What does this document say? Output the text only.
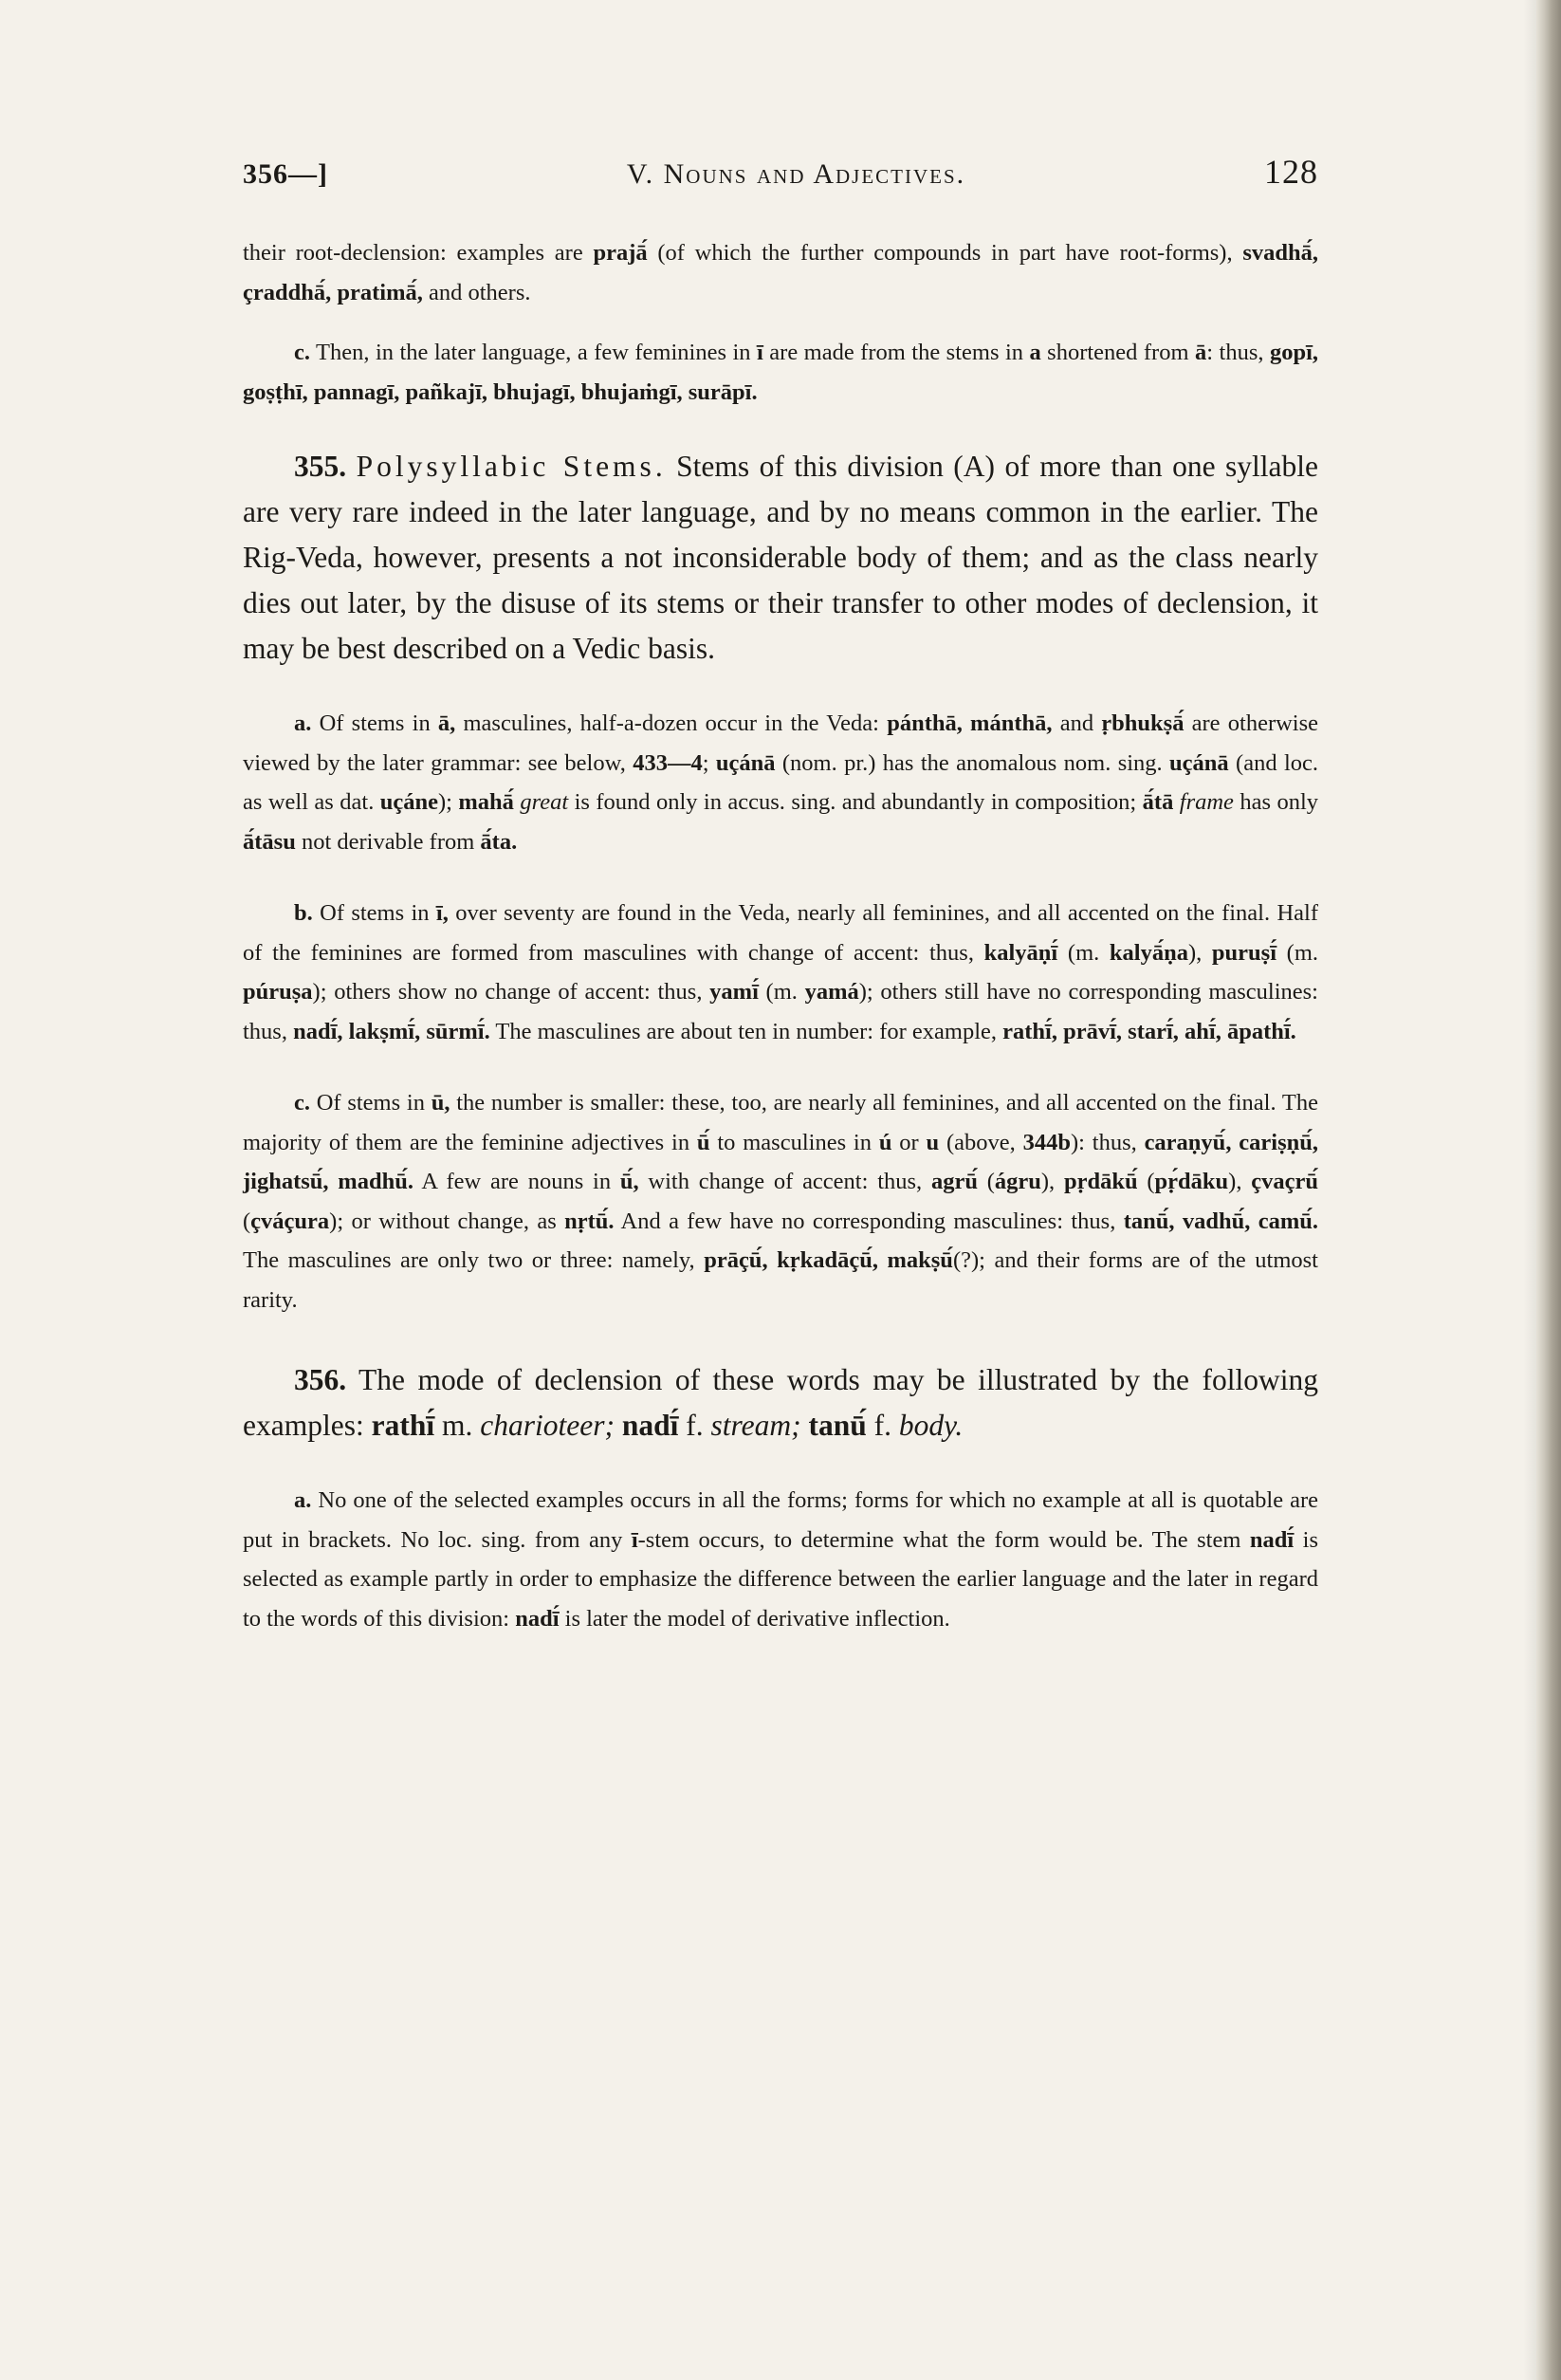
356—]	V. Nouns and Adjectives.	128

their root-declension: examples are prajā́ (of which the further compounds in part have root-forms), svadhā́, çraddhā́, pratimā́, and others.

c. Then, in the later language, a few feminines in ī are made from the stems in a shortened from ā: thus, gopī, goṣṭhī, pannagī, pañkajī, bhujagī, bhujaṁgī, surāpī.

355. Polysyllabic Stems. Stems of this division (A) of more than one syllable are very rare indeed in the later language, and by no means common in the earlier. The Rig-Veda, however, presents a not inconsiderable body of them; and as the class nearly dies out later, by the disuse of its stems or their transfer to other modes of declension, it may be best described on a Vedic basis.

a. Of stems in ā, masculines, half-a-dozen occur in the Veda: pánthā, mánthā, and ṛbhukṣā́ are otherwise viewed by the later grammar: see below, 433—4; uçánā (nom. pr.) has the anomalous nom. sing. uçánā (and loc. as well as dat. uçáne); mahā́ great is found only in accus. sing. and abundantly in composition; ā́tā frame has only ā́tāsu not derivable from ā́ta.

b. Of stems in ī, over seventy are found in the Veda, nearly all feminines, and all accented on the final. Half of the feminines are formed from masculines with change of accent: thus, kalyāṇī́ (m. kalyā́ṇa), puruṣī́ (m. púruṣa); others show no change of accent: thus, yamī́ (m. yamá); others still have no corresponding masculines: thus, nadī́, lakṣmī́, sūrmī́. The masculines are about ten in number: for example, rathī́, prāvī́, starī́, ahī́, āpathī́.

c. Of stems in ū, the number is smaller: these, too, are nearly all feminines, and all accented on the final. The majority of them are the feminine adjectives in ū́ to masculines in ú or u (above, 344b): thus, caraṇyū́, cariṣṇū́, jighatsū́, madhū́. A few are nouns in ū́, with change of accent: thus, agrū́ (ágru), pṛdākū́ (pṛ́dāku), çvaçrū́ (çváçura); or without change, as nṛtū́. And a few have no corresponding masculines: thus, tanū́, vadhū́, camū́. The masculines are only two or three: namely, prāçū́, kṛkadāçū́, makṣū́(?); and their forms are of the utmost rarity.

356. The mode of declension of these words may be illustrated by the following examples: rathī́ m. charioteer; nadī́ f. stream; tanū́ f. body.

a. No one of the selected examples occurs in all the forms; forms for which no example at all is quotable are put in brackets. No loc. sing. from any ī-stem occurs, to determine what the form would be. The stem nadī́ is selected as example partly in order to emphasize the difference between the earlier language and the later in regard to the words of this division: nadī́ is later the model of derivative inflection.
